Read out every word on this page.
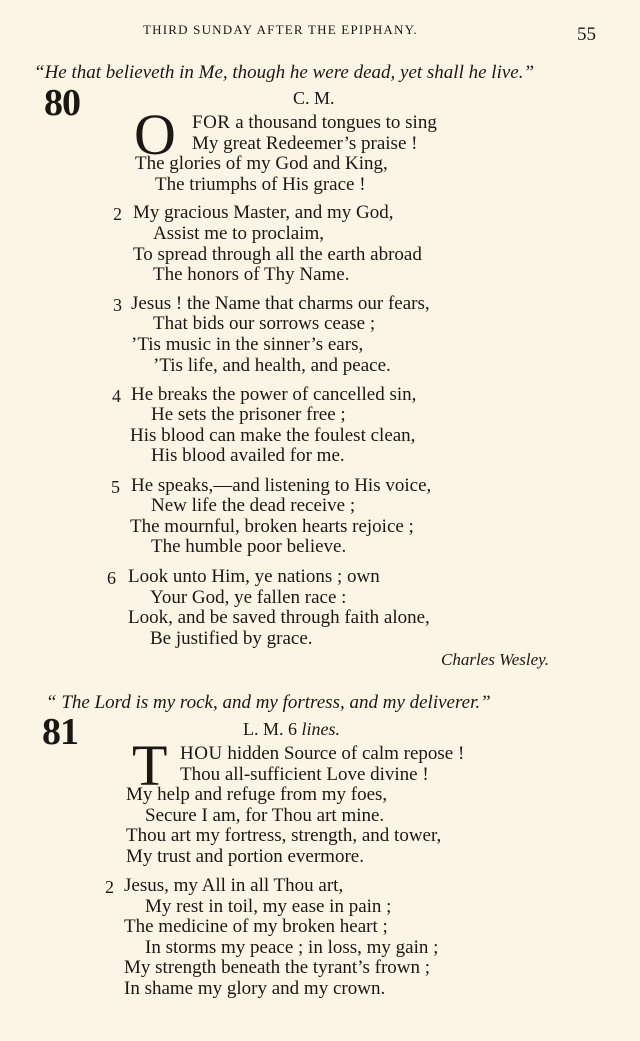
THIRD SUNDAY AFTER THE EPIPHANY.	55
“He that believeth in Me, though he were dead, yet shall he live.”
80	C. M.
O FOR a thousand tongues to sing
My great Redeemer’s praise !
The glories of my God and King,
The triumphs of His grace !
2 My gracious Master, and my God,
Assist me to proclaim,
To spread through all the earth abroad
The honors of Thy Name.
3 Jesus ! the Name that charms our fears,
That bids our sorrows cease ;
’Tis music in the sinner’s ears,
’Tis life, and health, and peace.
4 He breaks the power of cancelled sin,
He sets the prisoner free ;
His blood can make the foulest clean,
His blood availed for me.
5 He speaks,—and listening to His voice,
New life the dead receive ;
The mournful, broken hearts rejoice ;
The humble poor believe.
6 Look unto Him, ye nations ; own
Your God, ye fallen race :
Look, and be saved through faith alone,
Be justified by grace.
Charles Wesley.
“ The Lord is my rock, and my fortress, and my deliverer.”
81	L. M. 6 lines.
T HOU hidden Source of calm repose !
Thou all-sufficient Love divine !
My help and refuge from my foes,
Secure I am, for Thou art mine.
Thou art my fortress, strength, and tower,
My trust and portion evermore.
2 Jesus, my All in all Thou art,
My rest in toil, my ease in pain ;
The medicine of my broken heart ;
In storms my peace ; in loss, my gain ;
My strength beneath the tyrant’s frown ;
In shame my glory and my crown.
